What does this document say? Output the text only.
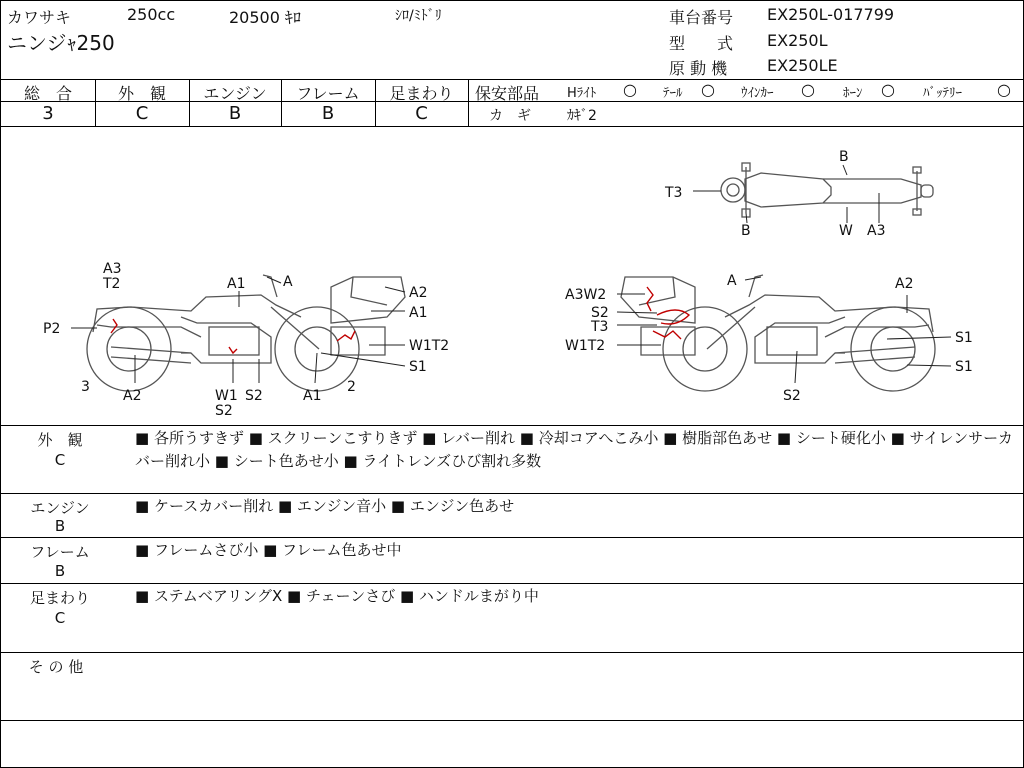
カワサキ	250cc	20500 ｷﾛ	ｼﾛ/ﾐﾄﾞﾘ
ニンジｬ250
車台番号 EX250L-017799
型　　式 EX250L
原 動 機 EX250LE
総　合	外　観	エンジン	フレーム	足まわり
3	C	B	B	C
保安部品 Hﾗｲﾄ ○ ﾃｰﾙ ○ ｳｲﾝｶｰ ○ ﾎｰﾝ ○ ﾊﾞｯﾃﾘｰ ○
カ　ギ	ｶｷﾞ2
B
T3
B	W A3
A3
T2	A1	A
A2
A1
P2
W1T2
S1
3
A2	W1 S2	A1
2
S2
A	A2
A3W2
S2
T3
W1T2	S1
S1
S2
外　観
C
■ 各所うすきず ■ スクリーンこすりきず ■ レバー削れ ■ 冷却コアへこみ小 ■ 樹脂部色あせ ■ シート硬化小 ■ サイレンサーカバー削れ小 ■ シート色あせ小 ■ ライトレンズひび割れ多数
エンジン
B
■ ケースカバー削れ ■ エンジン音小 ■ エンジン色あせ
フレーム
B
■ フレームさび小 ■ フレーム色あせ中
足まわり
C
■ ステムベアリングX ■ チェーンさび ■ ハンドルまがり中
そ の 他
